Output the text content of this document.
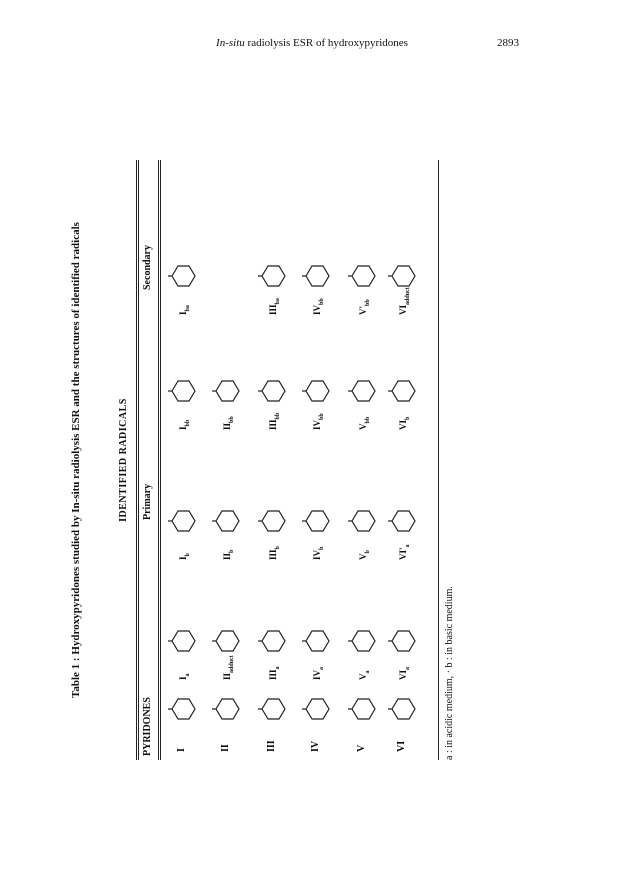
In-situ radiolysis ESR of hydroxypyridones	2893
Table 1 : Hydroxypyridones studied by In-situ radiolysis ESR and the structures of identified radicals	IDENTIFIED RADICALS
PYRIDONES
Primary
Secondary
I
$I_a$
$I_b$
$I_{bb}$
$I_{ba}$
II
$II_{adduct}$
$II_b$
$II_{bb}$
III
$III_a$
$III_b$
$III_{bb}$
$III_{ba}$
IV
$IV_a$
$IV_b$
$IV_{bb}$
$IV_{bb}$
V
$V_a$
$V_b$
$V_{bb}$
$V'_{bb}$
VI
$VI_a$
$VI'_a$
$VI_b$
$VI_{adduct}$
a : in acidic medium, · b : in basic medium.
